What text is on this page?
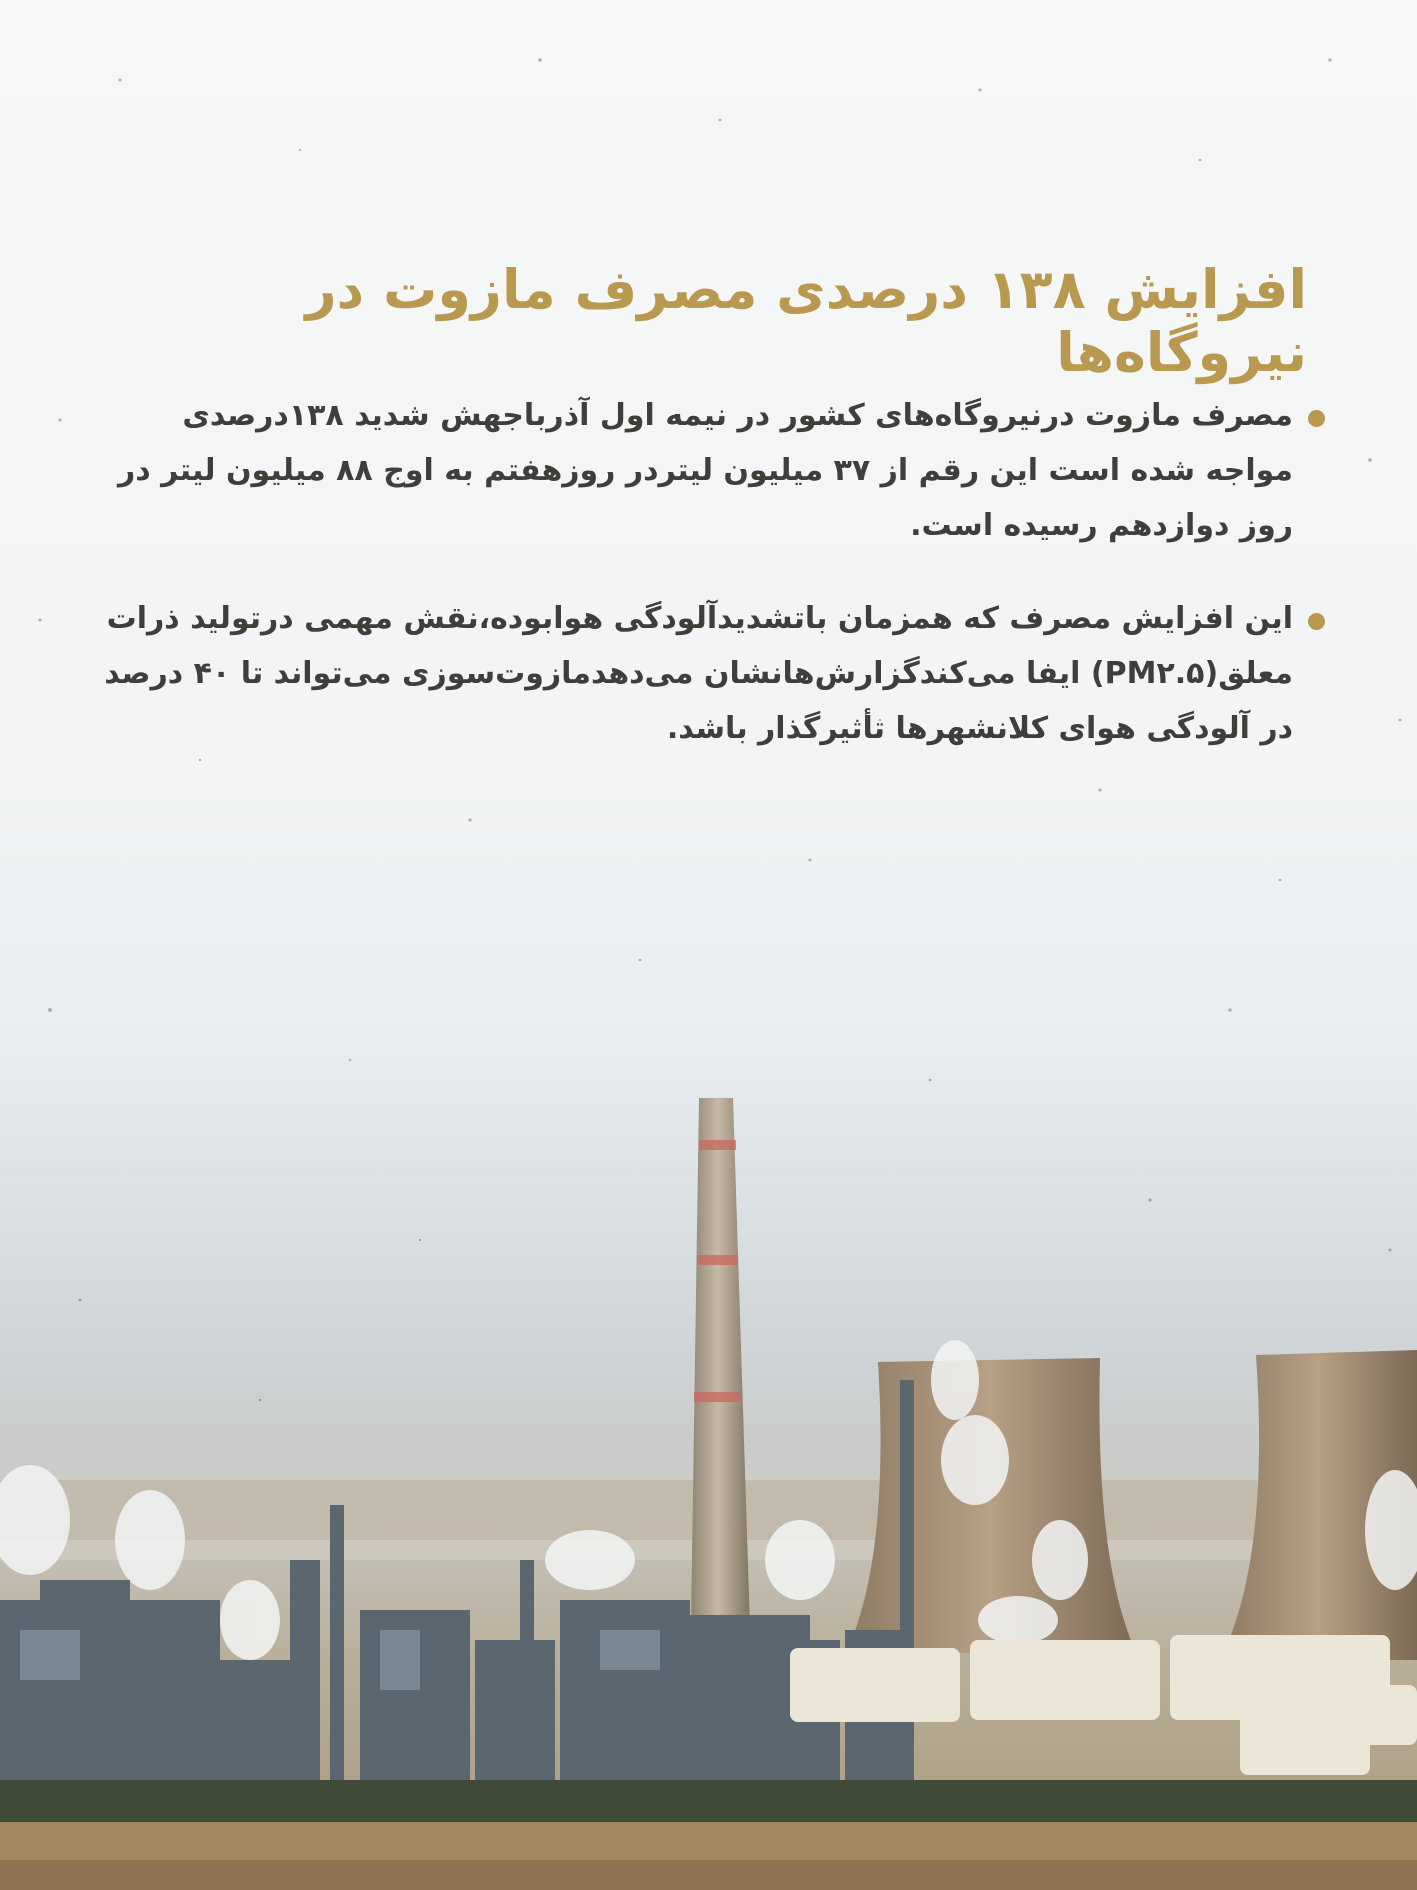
افزایش ۱۳۸ درصدی مصرف مازوت در نیروگاه‌ها
مصرف مازوت درنیروگاه‌های کشور در نیمه اول آذرباجهش شدید ۱۳۸درصدی مواجه شده است این رقم از ۳۷ میلیون لیتردر روزهفتم به اوج ۸۸ میلیون لیتر در روز دوازدهم رسیده است.
این افزایش مصرف که همزمان باتشدیدآلودگی هوابوده،نقش مهمی درتولید ذرات معلق(PM۲.۵) ایفا می‌کندگزارش‌هانشان می‌دهدمازوت‌سوزی می‌تواند تا ۴۰ درصد در آلودگی هوای کلانشهرها تأثیرگذار باشد.
